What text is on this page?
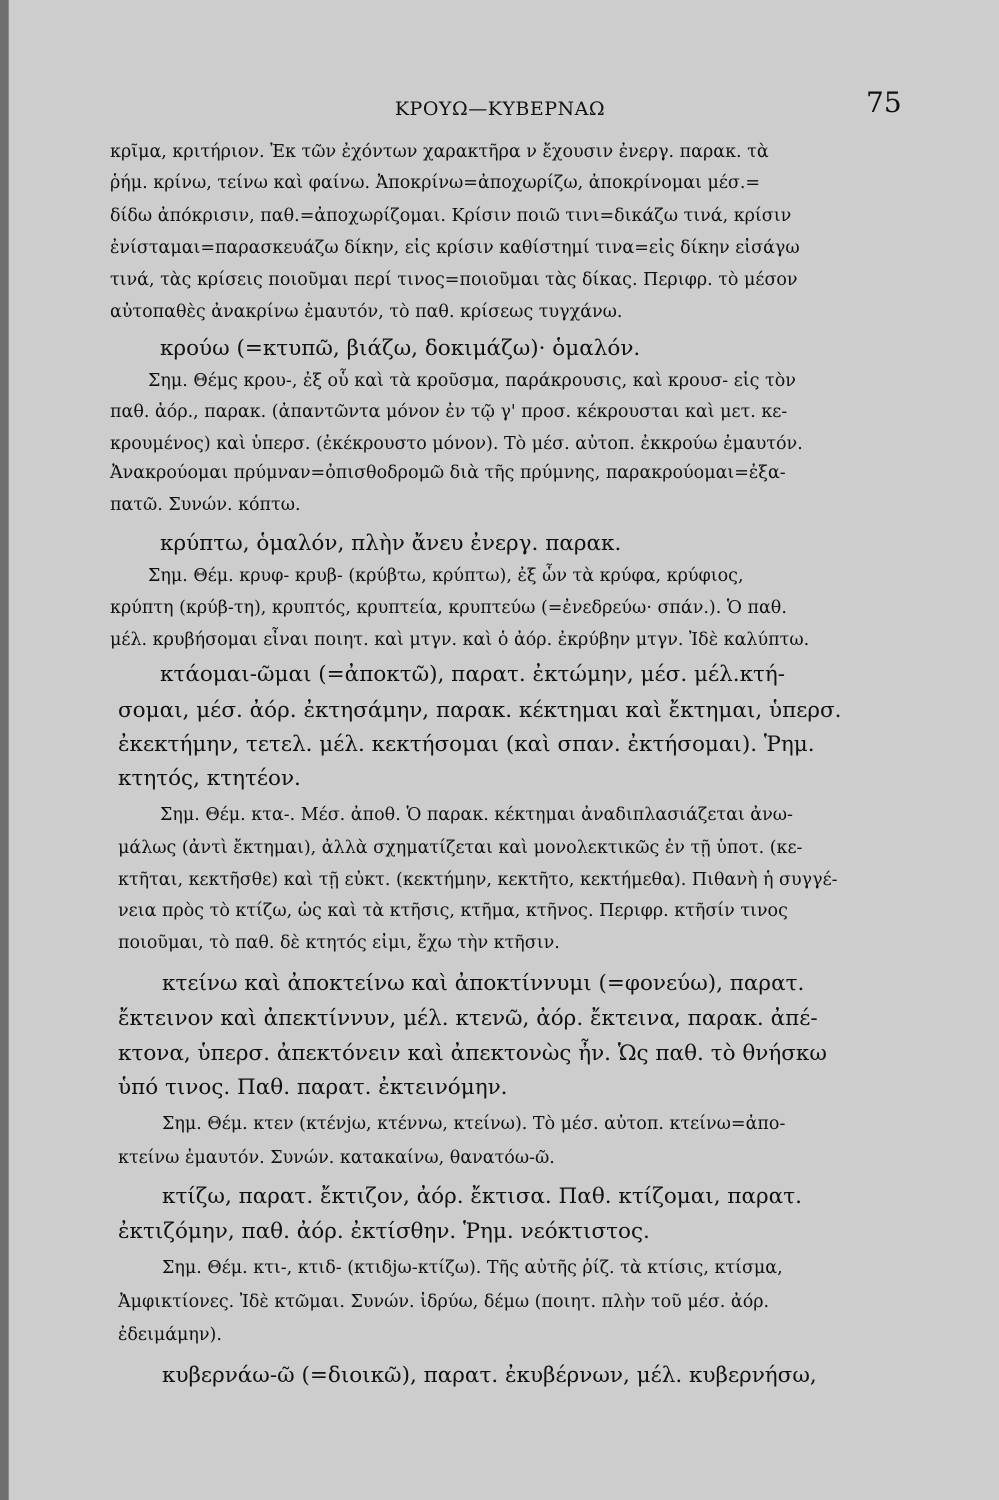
ΚΡΟΥΩ—ΚΥΒΕΡΝΑΩ	75
κρῖμα, κριτήριον. Ἐκ τῶν ἐχόντων χαρακτῆρα ν ἔχουσιν ἐνεργ. παρακ. τὰ
ῥήμ. κρίνω, τείνω καὶ φαίνω. Ἀποκρίνω=ἀποχωρίζω, ἀποκρίνομαι μέσ.=
δίδω ἀπόκρισιν, παθ.=ἀποχωρίζομαι. Κρίσιν ποιῶ τινι=δικάζω τινά, κρίσιν
ἐνίσταμαι=παρασκευάζω δίκην, εἰς κρίσιν καθίστημί τινα=εἰς δίκην εἰσάγω
τινά, τὰς κρίσεις ποιοῦμαι περί τινος=ποιοῦμαι τὰς δίκας. Περιφρ. τὸ μέσον
αὐτοπαθὲς ἀνακρίνω ἐμαυτόν, τὸ παθ. κρίσεως τυγχάνω.
κρούω (=κτυπῶ, βιάζω, δοκιμάζω)· ὁμαλόν.
Σημ. Θέμς κρου-, ἐξ οὗ καὶ τὰ κροῦσμα, παράκρουσις, καὶ κρουσ- εἰς τὸν
παθ. ἀόρ., παρακ. (ἀπαντῶντα μόνον ἐν τῷ γ' προσ. κέκρουσται καὶ μετ. κε-
κρουμένος) καὶ ὑπερσ. (ἐκέκρουστο μόνον). Τὸ μέσ. αὐτοπ. ἐκκρούω ἐμαυτόν.
Ἀνακρούομαι πρύμναν=ὀπισθοδρομῶ διὰ τῆς πρύμνης, παρακρούομαι=ἐξα-
πατῶ. Συνών. κόπτω.
κρύπτω, ὁμαλόν, πλὴν ἄνευ ἐνεργ. παρακ.
Σημ. Θέμ. κρυφ- κρυβ- (κρύβτω, κρύπτω), ἐξ ὧν τὰ κρύφα, κρύφιος,
κρύπτη (κρύβ-τη), κρυπτός, κρυπτεία, κρυπτεύω (=ἐνεδρεύω· σπάν.). Ὁ παθ.
μέλ. κρυβήσομαι εἶναι ποιητ. καὶ μτγν. καὶ ὁ ἀόρ. ἐκρύβην μτγν. Ἰδὲ καλύπτω.
κτάομαι-ῶμαι (=ἀποκτῶ), παρατ. ἐκτώμην, μέσ. μέλ.κτή-
σομαι, μέσ. ἀόρ. ἐκτησάμην, παρακ. κέκτημαι καὶ ἔκτημαι, ὑπερσ.
ἐκεκτήμην, τετελ. μέλ. κεκτήσομαι (καὶ σπαν. ἐκτήσομαι). Ῥημ.
κτητός, κτητέον.
Σημ. Θέμ. κτα-. Μέσ. ἀποθ. Ὁ παρακ. κέκτημαι ἀναδιπλασιάζεται ἀνω-
μάλως (ἀντὶ ἔκτημαι), ἀλλὰ σχηματίζεται καὶ μονολεκτικῶς ἐν τῇ ὑποτ. (κε-
κτῆται, κεκτῆσθε) καὶ τῇ εὐκτ. (κεκτήμην, κεκτῆτο, κεκτήμεθα). Πιθανὴ ἡ συγγέ-
νεια πρὸς τὸ κτίζω, ὡς καὶ τὰ κτῆσις, κτῆμα, κτῆνος. Περιφρ. κτῆσίν τινος
ποιοῦμαι, τὸ παθ. δὲ κτητός εἰμι, ἔχω τὴν κτῆσιν.
κτείνω καὶ ἀποκτείνω καὶ ἀποκτίννυμι (=φονεύω), παρατ.
ἔκτεινον καὶ ἀπεκτίννυν, μέλ. κτενῶ, ἀόρ. ἔκτεινα, παρακ. ἀπέ-
κτονα, ὑπερσ. ἀπεκτόνειν καὶ ἀπεκτονὼς ἦν. Ὡς παθ. τὸ θνήσκω
ὑπό τινος. Παθ. παρατ. ἐκτεινόμην.
Σημ. Θέμ. κτεν (κτένjω, κτέννω, κτείνω). Τὸ μέσ. αὐτοπ. κτείνω=ἀπο-
κτείνω ἐμαυτόν. Συνών. κατακαίνω, θανατόω-ῶ.
κτίζω, παρατ. ἔκτιζον, ἀόρ. ἔκτισα. Παθ. κτίζομαι, παρατ.
ἐκτιζόμην, παθ. ἀόρ. ἐκτίσθην. Ῥημ. νεόκτιστος.
Σημ. Θέμ. κτι-, κτιδ- (κτιδjω-κτίζω). Τῆς αὐτῆς ῥίζ. τὰ κτίσις, κτίσμα,
Ἀμφικτίονες. Ἰδὲ κτῶμαι. Συνών. ἱδρύω, δέμω (ποιητ. πλὴν τοῦ μέσ. ἀόρ.
ἐδειμάμην).
κυβερνάω-ῶ (=διοικῶ), παρατ. ἐκυβέρνων, μέλ. κυβερνήσω,
